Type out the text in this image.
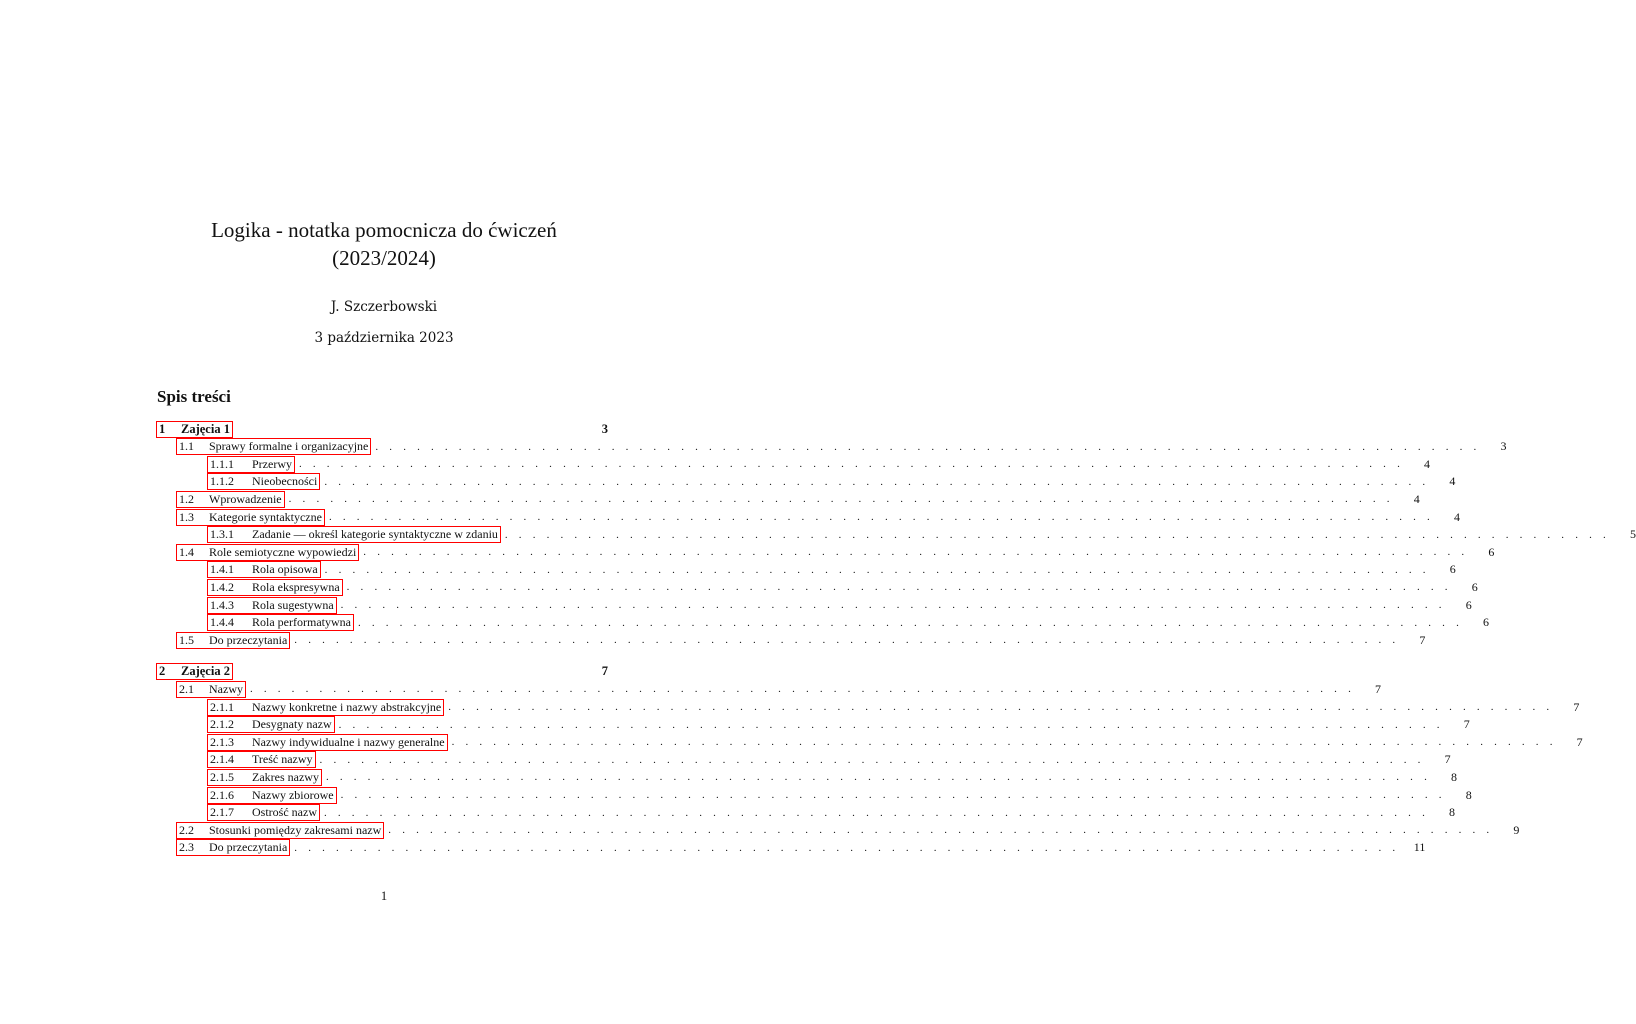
Logika - notatka pomocnicza do ćwiczeń
(2023/2024)
J. Szczerbowski
3 października 2023
Spis treści
1	Zajęcia 1	3
1.1	Sprawy formalne i organizacyjne . . . . . . . . . . . . . . . . . . . . . . . . . . . . . . . . . . . . . . . . . . . . . . . . . . . . . . . . . . . . . . . . . . . . . . . . . . . . . . . .	3
1.1.1	Przerwy . . . . . . . . . . . . . . . . . . . . . . . . . . . . . . . . . . . . . . . . . . . . . . . . . . . . . . . . . . . . . . . . . . . . . . . . . . . . . . . .	4
1.1.2	Nieobecności . . . . . . . . . . . . . . . . . . . . . . . . . . . . . . . . . . . . . . . . . . . . . . . . . . . . . . . . . . . . . . . . . . . . . . . . . . . . . . . .	4
1.2	Wprowadzenie . . . . . . . . . . . . . . . . . . . . . . . . . . . . . . . . . . . . . . . . . . . . . . . . . . . . . . . . . . . . . . . . . . . . . . . . . . . . . . . .	4
1.3	Kategorie syntaktyczne . . . . . . . . . . . . . . . . . . . . . . . . . . . . . . . . . . . . . . . . . . . . . . . . . . . . . . . . . . . . . . . . . . . . . . . . . . . . . . . .	4
1.3.1	Zadanie — określ kategorie syntaktyczne w zdaniu . . . . . . . . . . . . . . . . . . . . . . . . . . . . . . . . . . . . . . . . . . . . . . . . . . . . . . . . . . . . . . . . . . . . . . . . . . . . . . . .	5
1.4	Role semiotyczne wypowiedzi . . . . . . . . . . . . . . . . . . . . . . . . . . . . . . . . . . . . . . . . . . . . . . . . . . . . . . . . . . . . . . . . . . . . . . . . . . . . . . . .	6
1.4.1	Rola opisowa . . . . . . . . . . . . . . . . . . . . . . . . . . . . . . . . . . . . . . . . . . . . . . . . . . . . . . . . . . . . . . . . . . . . . . . . . . . . . . . .	6
1.4.2	Rola ekspresywna . . . . . . . . . . . . . . . . . . . . . . . . . . . . . . . . . . . . . . . . . . . . . . . . . . . . . . . . . . . . . . . . . . . . . . . . . . . . . . . .	6
1.4.3	Rola sugestywna . . . . . . . . . . . . . . . . . . . . . . . . . . . . . . . . . . . . . . . . . . . . . . . . . . . . . . . . . . . . . . . . . . . . . . . . . . . . . . . .	6
1.4.4	Rola performatywna . . . . . . . . . . . . . . . . . . . . . . . . . . . . . . . . . . . . . . . . . . . . . . . . . . . . . . . . . . . . . . . . . . . . . . . . . . . . . . . .	6
1.5	Do przeczytania . . . . . . . . . . . . . . . . . . . . . . . . . . . . . . . . . . . . . . . . . . . . . . . . . . . . . . . . . . . . . . . . . . . . . . . . . . . . . . . .	7
2	Zajęcia 2	7
2.1	Nazwy . . . . . . . . . . . . . . . . . . . . . . . . . . . . . . . . . . . . . . . . . . . . . . . . . . . . . . . . . . . . . . . . . . . . . . . . . . . . . . . .	7
2.1.1	Nazwy konkretne i nazwy abstrakcyjne . . . . . . . . . . . . . . . . . . . . . . . . . . . . . . . . . . . . . . . . . . . . . . . . . . . . . . . . . . . . . . . . . . . . . . . . . . . . . . . .	7
2.1.2	Desygnaty nazw . . . . . . . . . . . . . . . . . . . . . . . . . . . . . . . . . . . . . . . . . . . . . . . . . . . . . . . . . . . . . . . . . . . . . . . . . . . . . . . .	7
2.1.3	Nazwy indywidualne i nazwy generalne . . . . . . . . . . . . . . . . . . . . . . . . . . . . . . . . . . . . . . . . . . . . . . . . . . . . . . . . . . . . . . . . . . . . . . . . . . . . . . . .	7
2.1.4	Treść nazwy . . . . . . . . . . . . . . . . . . . . . . . . . . . . . . . . . . . . . . . . . . . . . . . . . . . . . . . . . . . . . . . . . . . . . . . . . . . . . . . .	7
2.1.5	Zakres nazwy . . . . . . . . . . . . . . . . . . . . . . . . . . . . . . . . . . . . . . . . . . . . . . . . . . . . . . . . . . . . . . . . . . . . . . . . . . . . . . . .	8
2.1.6	Nazwy zbiorowe . . . . . . . . . . . . . . . . . . . . . . . . . . . . . . . . . . . . . . . . . . . . . . . . . . . . . . . . . . . . . . . . . . . . . . . . . . . . . . . .	8
2.1.7	Ostrość nazw . . . . . . . . . . . . . . . . . . . . . . . . . . . . . . . . . . . . . . . . . . . . . . . . . . . . . . . . . . . . . . . . . . . . . . . . . . . . . . . .	8
2.2	Stosunki pomiędzy zakresami nazw . . . . . . . . . . . . . . . . . . . . . . . . . . . . . . . . . . . . . . . . . . . . . . . . . . . . . . . . . . . . . . . . . . . . . . . . . . . . . . . .	9
2.3	Do przeczytania . . . . . . . . . . . . . . . . . . . . . . . . . . . . . . . . . . . . . . . . . . . . . . . . . . . . . . . . . . . . . . . . . . . . . . . . . . . . . . . .	11
1
